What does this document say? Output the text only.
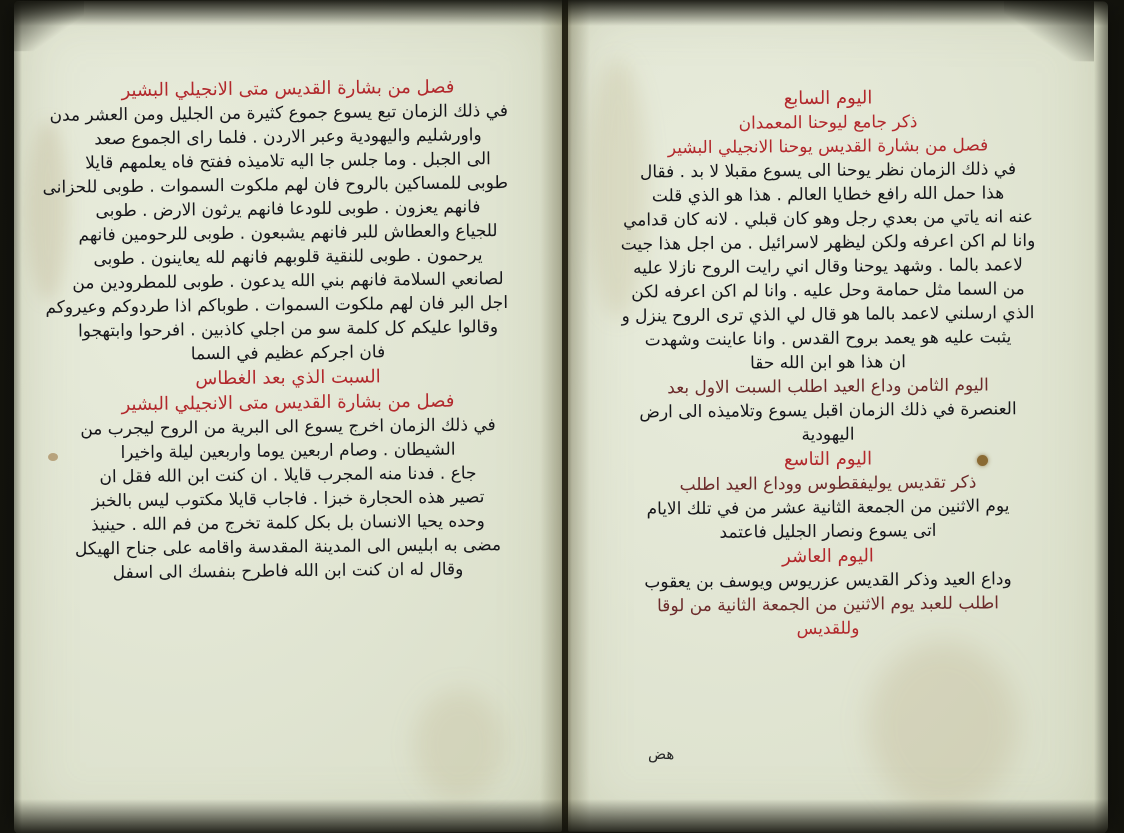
فصل من بشارة القديس متى الانجيلي البشير
في ذلك الزمان تبع يسوع جموع كثيرة من الجليل ومن العشر مدن
واورشليم واليهودية وعبر الاردن . فلما راى الجموع صعد
الى الجبل . وما جلس جا اليه تلاميذه ففتح فاه يعلمهم قايلا
طوبى للمساكين بالروح فان لهم ملكوت السموات . طوبى للحزانى
فانهم يعزون . طوبى للودعا فانهم يرثون الارض . طوبى
للجياع والعطاش للبر فانهم يشبعون . طوبى للرحومين فانهم
يرحمون . طوبى للنقية قلوبهم فانهم لله يعاينون . طوبى
لصانعي السلامة فانهم بني الله يدعون . طوبى للمطرودين من
اجل البر فان لهم ملكوت السموات . طوباكم اذا طردوكم وعيروكم
وقالوا عليكم كل كلمة سو من اجلي كاذبين . افرحوا وابتهجوا
فان اجركم عظيم في السما
السبت الذي بعد الغطاس
فصل من بشارة القديس متى الانجيلي البشير
في ذلك الزمان اخرج يسوع الى البرية من الروح ليجرب من
الشيطان . وصام اربعين يوما واربعين ليلة واخيرا
جاع . فدنا منه المجرب قايلا . ان كنت ابن الله فقل ان
تصير هذه الحجارة خبزا . فاجاب قايلا مكتوب ليس بالخبز
وحده يحيا الانسان بل بكل كلمة تخرج من فم الله . حينيذ
مضى به ابليس الى المدينة المقدسة واقامه على جناح الهيكل
وقال له ان كنت ابن الله فاطرح بنفسك الى اسفل
اليوم السابع
ذكر جامع ليوحنا المعمدان
فصل من بشارة القديس يوحنا الانجيلي البشير
في ذلك الزمان نظر يوحنا الى يسوع مقبلا لا بد . فقال
هذا حمل الله رافع خطايا العالم . هذا هو الذي قلت
عنه انه ياتي من بعدي رجل وهو كان قبلي . لانه كان قدامي
وانا لم اكن اعرفه ولكن ليظهر لاسرائيل . من اجل هذا جيت
لاعمد بالما . وشهد يوحنا وقال اني رايت الروح نازلا عليه
من السما مثل حمامة وحل عليه . وانا لم اكن اعرفه لكن
الذي ارسلني لاعمد بالما هو قال لي الذي ترى الروح ينزل و
يثبت عليه هو يعمد بروح القدس . وانا عاينت وشهدت
ان هذا هو ابن الله حقا
اليوم الثامن وداع العيد اطلب السبت الاول بعد
العنصرة في ذلك الزمان اقبل يسوع وتلاميذه الى ارض
اليهودية
اليوم التاسع
ذكر تقديس يوليفقطوس ووداع العيد اطلب
يوم الاثنين من الجمعة الثانية عشر من في تلك الايام
اتى يسوع ونصار الجليل فاعتمد
اليوم العاشر
وداع العيد وذكر القديس عزريوس ويوسف بن يعقوب
اطلب للعبد يوم الاثنين من الجمعة الثانية من لوقا
وللقديس
هض
